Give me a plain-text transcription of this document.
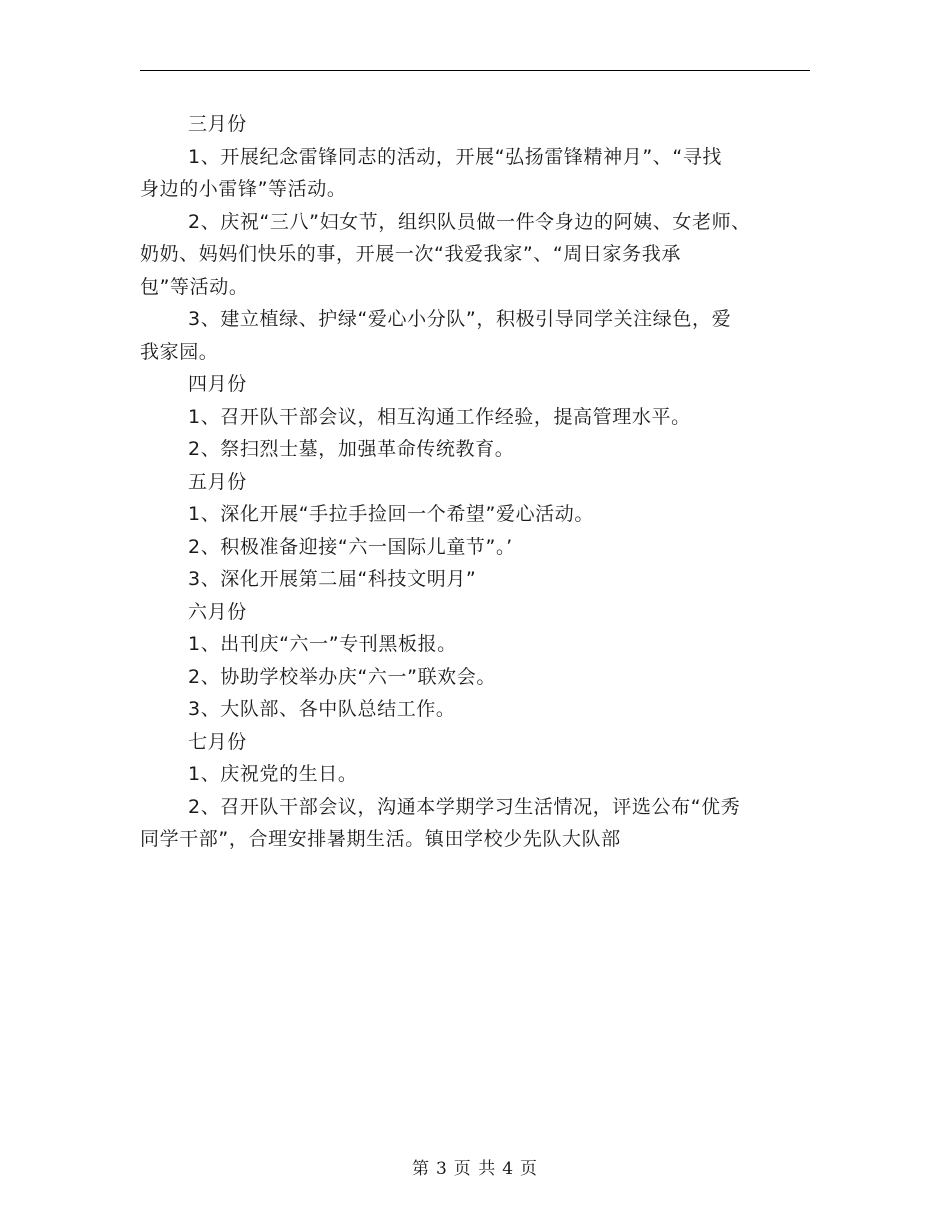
三月份
1、开展纪念雷锋同志的活动，开展“弘扬雷锋精神月”、“寻找
身边的小雷锋”等活动。
2、庆祝“三八”妇女节，组织队员做一件令身边的阿姨、女老师、
奶奶、妈妈们快乐的事，开展一次“我爱我家”、“周日家务我承
包”等活动。
3、建立植绿、护绿“爱心小分队”，积极引导同学关注绿色，爱
我家园。
四月份
1、召开队干部会议，相互沟通工作经验，提高管理水平。
2、祭扫烈士墓，加强革命传统教育。
五月份
1、深化开展“手拉手捡回一个希望”爱心活动。
2、积极准备迎接“六一国际儿童节”。’
3、深化开展第二届“科技文明月”
六月份
1、出刊庆“六一”专刊黑板报。
2、协助学校举办庆“六一”联欢会。
3、大队部、各中队总结工作。
七月份
1、庆祝党的生日。
2、召开队干部会议，沟通本学期学习生活情况，评选公布“优秀
同学干部”，合理安排暑期生活。镇田学校少先队大队部
第 3 页 共 4 页
